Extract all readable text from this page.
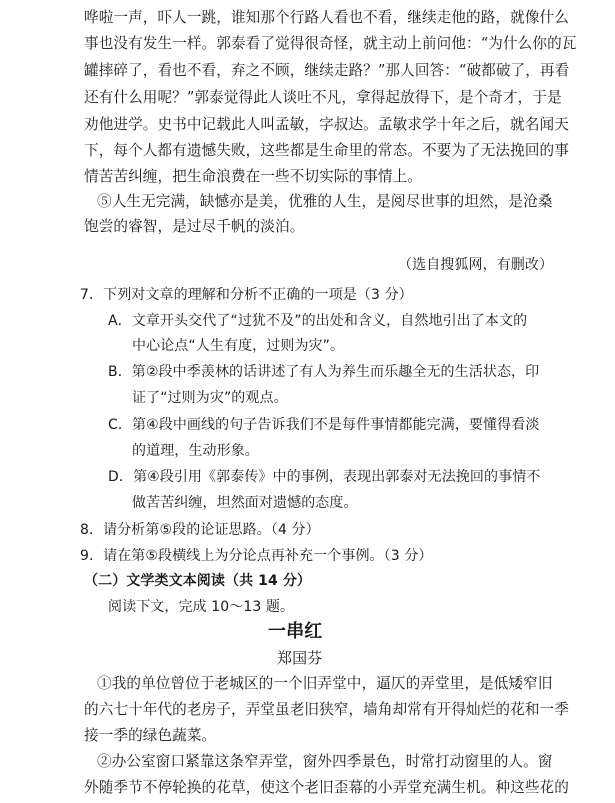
哗啦一声，吓人一跳，谁知那个行路人看也不看，继续走他的路，就像什么
事也没有发生一样。郭泰看了觉得很奇怪，就主动上前问他：“为什么你的瓦
罐摔碎了，看也不看，弃之不顾，继续走路？”那人回答：“破都破了，再看
还有什么用呢？”郭泰觉得此人谈吐不凡，拿得起放得下，是个奇才，于是
劝他进学。史书中记载此人叫孟敏，字叔达。孟敏求学十年之后，就名闻天
下，每个人都有遗憾失败，这些都是生命里的常态。不要为了无法挽回的事
情苦苦纠缠，把生命浪费在一些不切实际的事情上。
⑤人生无完满，缺憾亦是美，优雅的人生，是阅尽世事的坦然，是沧桑
饱尝的睿智，是过尽千帆的淡泊。
（选自搜狐网，有删改）
7．下列对文章的理解和分析不正确的一项是（3 分）
A．文章开头交代了“过犹不及”的出处和含义，自然地引出了本文的
中心论点“人生有度，过则为灾”。
B．第②段中季羡林的话讲述了有人为养生而乐趣全无的生活状态，印
证了“过则为灾”的观点。
C．第④段中画线的句子告诉我们不是每件事情都能完满，要懂得看淡
的道理，生动形象。
D．第④段引用《郭泰传》中的事例，表现出郭泰对无法挽回的事情不
做苦苦纠缠，坦然面对遗憾的态度。
8．请分析第⑤段的论证思路。（4 分）
9．请在第⑤段横线上为分论点再补充一个事例。（3 分）
（二）文学类文本阅读（共 14 分）
阅读下文，完成 10～13 题。
一串红
郑国芬
①我的单位曾位于老城区的一个旧弄堂中，逼仄的弄堂里，是低矮窄旧
的六七十年代的老房子，弄堂虽老旧狭窄，墙角却常有开得灿烂的花和一季
接一季的绿色蔬菜。
②办公室窗口紧靠这条窄弄堂，窗外四季景色，时常打动窗里的人。窗
外随季节不停轮换的花草，使这个老旧歪幕的小弄堂充满生机。种这些花的
